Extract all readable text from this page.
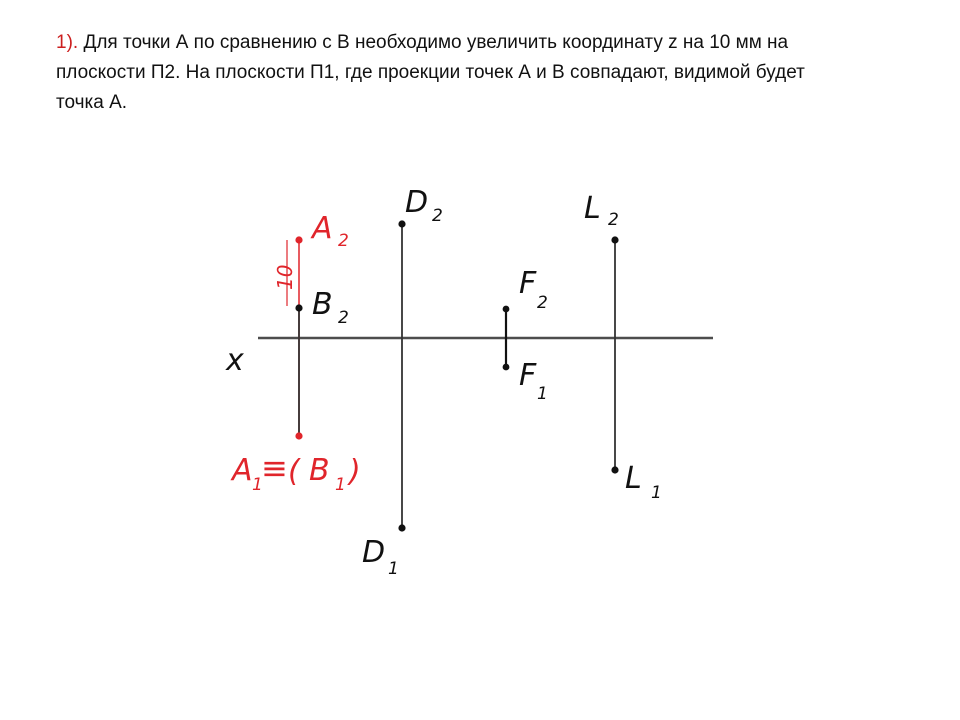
1). Для точки А по сравнению с В необходимо увеличить координату z на 10 мм на
плоскости П2. На плоскости П1, где проекции точек А и В совпадают, видимой будет
точка А.
x
10
A 2
B 2
A 1
≡ ( B 1 )
D 2
D 1
F
2
F
1
L 2
L 1
